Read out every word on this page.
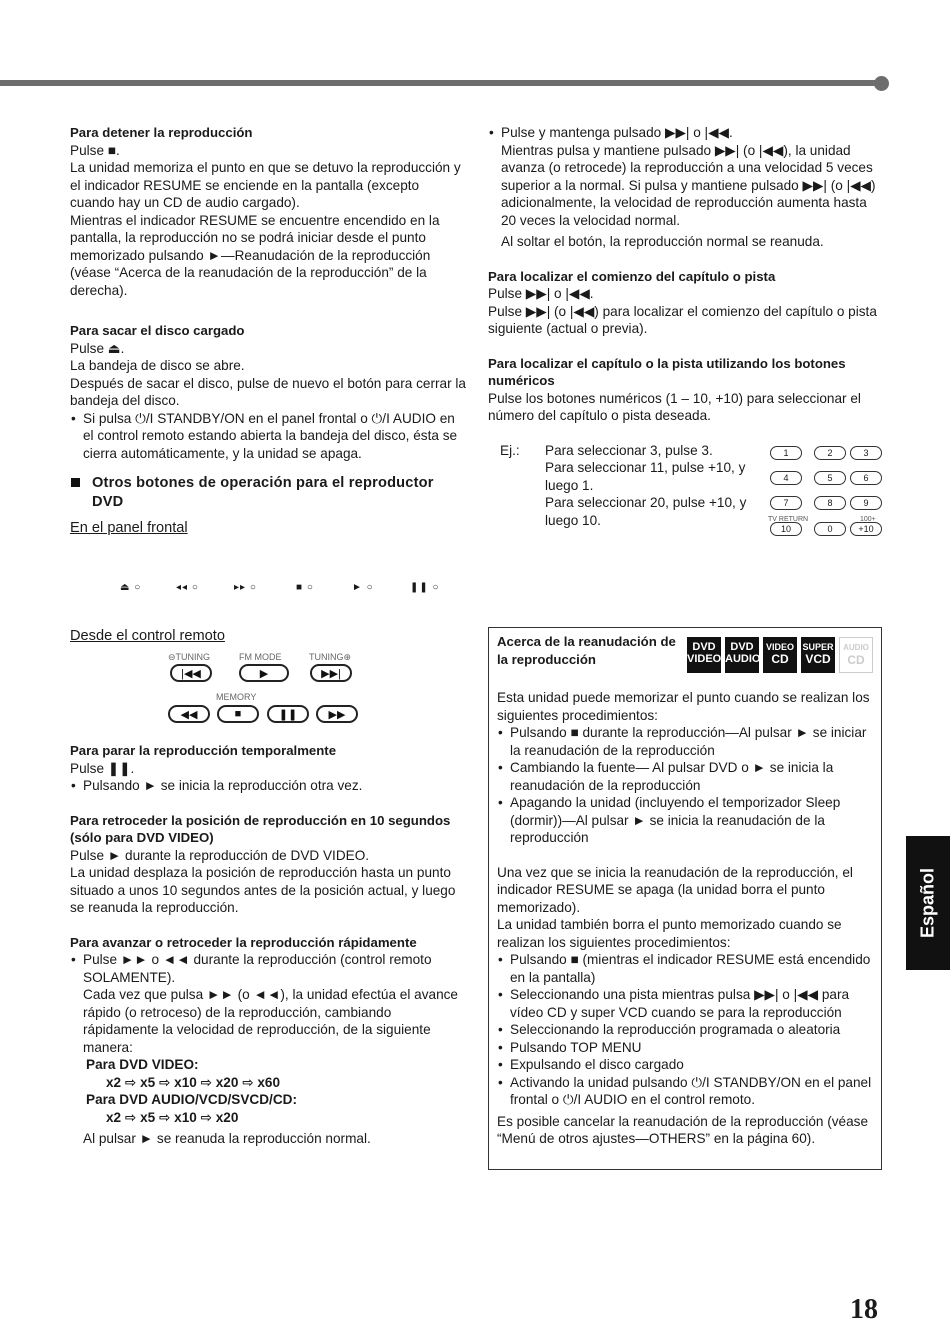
Para detener la reproducción

Pulse ■.

La unidad memoriza el punto en que se detuvo la reproducción y el indicador RESUME se enciende en la pantalla (excepto cuando hay un CD de audio cargado).

Mientras el indicador RESUME se encuentre encendido en la pantalla, la reproducción no se podrá iniciar desde el punto memorizado pulsando ►—Reanudación de la reproducción (véase “Acerca de la reanudación de la reproducción” de la derecha).

Para sacar el disco cargado

Pulse ⏏.

La bandeja de disco se abre.

Después de sacar el disco, pulse de nuevo el botón para cerrar la bandeja del disco.

• Si pulsa ⏻/I STANDBY/ON en el panel frontal o ⏻/I AUDIO en el control remoto estando abierta la bandeja del disco, ésta se cierra automáticamente, y la unidad se apaga.
Otros botones de operación para el reproductor DVD
En el panel frontal
⏏ ○	◂◂ ○	▸▸ ○	■ ○	► ○	❚❚ ○
Desde el control remoto
⊖TUNING	FM MODE	TUNING⊕
|◀◀	▶	▶▶|
MEMORY
◀◀	■	❚❚	▶▶
Para parar la reproducción temporalmente

Pulse ❚❚.

• Pulsando ► se inicia la reproducción otra vez.
Para retroceder la posición de reproducción en 10 segundos (sólo para DVD VIDEO)

Pulse ► durante la reproducción de DVD VIDEO.

La unidad desplaza la posición de reproducción hasta un punto situado a unos 10 segundos antes de la posición actual, y luego se reanuda la reproducción.

Para avanzar o retroceder la reproducción rápidamente
• Pulse ►► o ◄◄ durante la reproducción (control remoto SOLAMENTE).
Cada vez que pulsa ►► (o ◄◄), la unidad efectúa el avance rápido (o retroceso) de la reproducción, cambiando rápidamente la velocidad de reproducción, de la siguiente manera:
Para DVD VIDEO:
x2 ⇨ x5 ⇨ x10 ⇨ x20 ⇨ x60
Para DVD AUDIO/VCD/SVCD/CD:
x2 ⇨ x5 ⇨ x10 ⇨ x20

Al pulsar ► se reanuda la reproducción normal.

• Pulse y mantenga pulsado ▶▶| o |◀◀.
Mientras pulsa y mantiene pulsado ▶▶| (o |◀◀), la unidad avanza (o retrocede) la reproducción a una velocidad 5 veces superior a la normal. Si pulsa y mantiene pulsado ▶▶| (o |◀◀) adicionalmente, la velocidad de reproducción aumenta hasta 20 veces la velocidad normal.
Al soltar el botón, la reproducción normal se reanuda.
Para localizar el comienzo del capítulo o pista

Pulse ▶▶| o |◀◀.

Pulse ▶▶| (o |◀◀) para localizar el comienzo del capítulo o pista siguiente (actual o previa).

Para localizar el capítulo o la pista utilizando los botones numéricos

Pulse los botones numéricos (1 – 10, +10) para seleccionar el número del capítulo o pista deseada.

Ej.: Para seleccionar 3, pulse 3.

Para seleccionar 11, pulse +10, y luego 1.

Para seleccionar 20, pulse +10, y luego 10.

1	2	3
4	5	6
7	8	9
TV RETURN	100+
10	0	+10
Acerca de la reanudación de la reproducción
DVD
VIDEO
DVD
AUDIO
VIDEO
CD
SUPER
VCD
AUDIO
CD

Esta unidad puede memorizar el punto cuando se realizan los siguientes procedimientos:

• Pulsando ■ durante la reproducción—Al pulsar ► se iniciar la reanudación de la reproducción
• Cambiando la fuente— Al pulsar DVD o ► se inicia la reanudación de la reproducción
• Apagando la unidad (incluyendo el temporizador Sleep (dormir))—Al pulsar ► se inicia la reanudación de la reproducción

Una vez que se inicia la reanudación de la reproducción, el indicador RESUME se apaga (la unidad borra el punto memorizado).

La unidad también borra el punto memorizado cuando se realizan los siguientes procedimientos:

• Pulsando ■ (mientras el indicador RESUME está encendido en la pantalla)
• Seleccionando una pista mientras pulsa ▶▶| o |◀◀ para vídeo CD y super VCD cuando se para la reproducción
• Seleccionando la reproducción programada o aleatoria
• Pulsando TOP MENU
• Expulsando el disco cargado
• Activando la unidad pulsando ⏻/I STANDBY/ON en el panel frontal o ⏻/I AUDIO en el control remoto.

Es posible cancelar la reanudación de la reproducción (véase “Menú de otros ajustes—OTHERS” en la página 60).

Español
18
